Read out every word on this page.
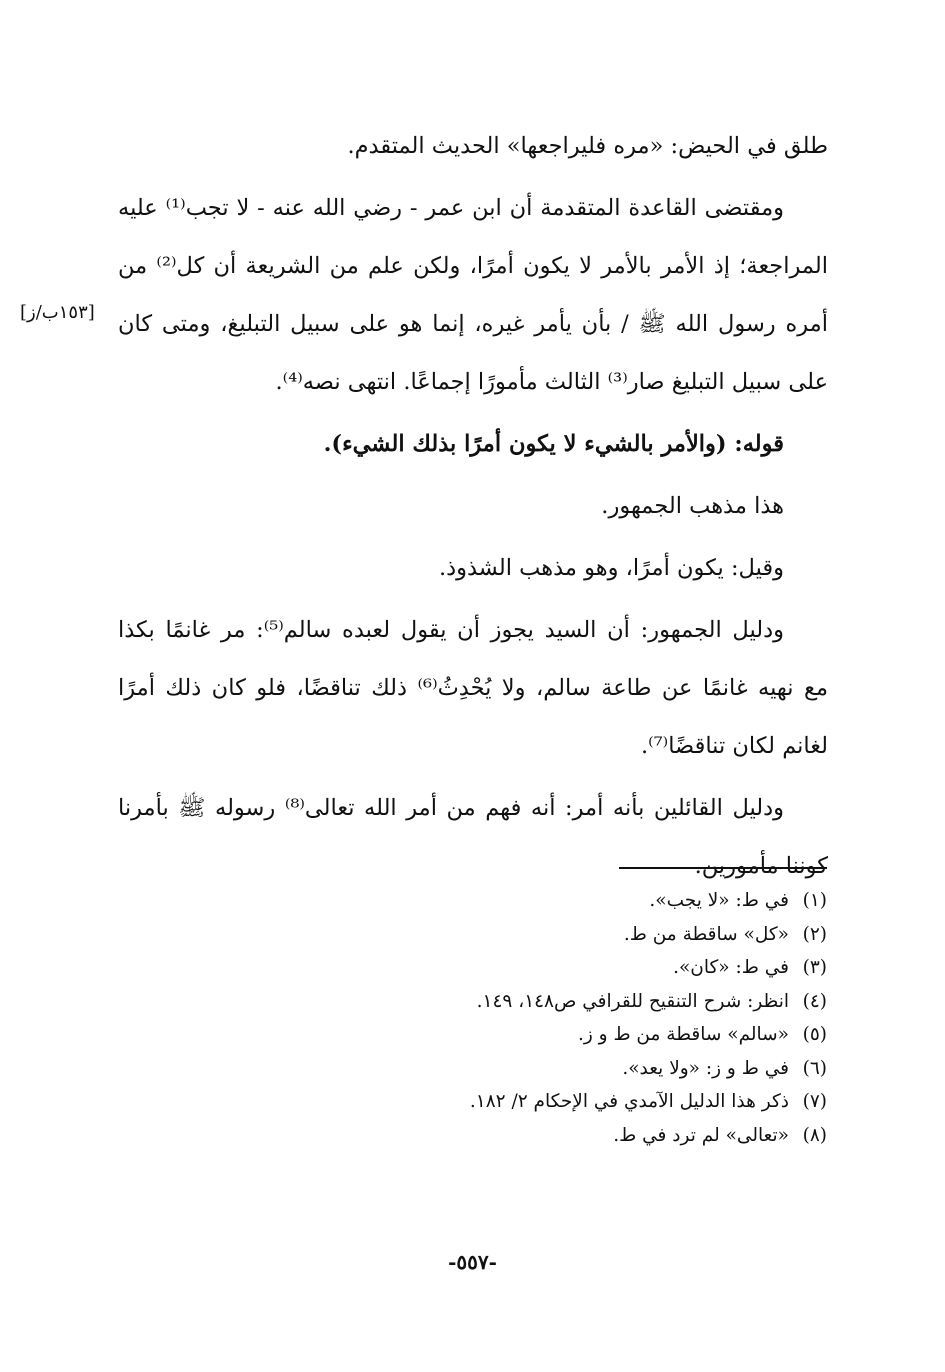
طلق في الحيض: «مره فليراجعها» الحديث المتقدم.
ومقتضى القاعدة المتقدمة أن ابن عمر - رضي الله عنه - لا تجب⁽¹⁾ عليه
المراجعة؛ إذ الأمر بالأمر لا يكون أمرًا، ولكن علم من الشريعة أن كل⁽²⁾ من
أمره رسول الله ﷺ / بأن يأمر غيره، إنما هو على سبيل التبليغ، ومتى كان
على سبيل التبليغ صار⁽³⁾ الثالث مأمورًا إجماعًا. انتهى نصه⁽⁴⁾.
قوله: (والأمر بالشيء لا يكون أمرًا بذلك الشيء).
هذا مذهب الجمهور.
وقيل: يكون أمرًا، وهو مذهب الشذوذ.
ودليل الجمهور: أن السيد يجوز أن يقول لعبده سالم⁽⁵⁾: مر غانمًا بكذا
مع نهيه غانمًا عن طاعة سالم، ولا يُحْدِثُ⁽⁶⁾ ذلك تناقضًا، فلو كان ذلك أمرًا
لغانم لكان تناقضًا⁽⁷⁾.
ودليل القائلين بأنه أمر: أنه فهم من أمر الله تعالى⁽⁸⁾ رسوله ﷺ بأمرنا
كوننا مأمورين.
[١٥٣ب/ز]
(١)في ط: «لا يجب».
(٢)«كل» ساقطة من ط.
(٣)في ط: «كان».
(٤)انظر: شرح التنقيح للقرافي ص١٤٨، ١٤٩.
(٥)«سالم» ساقطة من ط و ز.
(٦)في ط و ز: «ولا يعد».
(٧)ذكر هذا الدليل الآمدي في الإحكام ٢/ ١٨٢.
(٨)«تعالى» لم ترد في ط.
-٥٥٧-
